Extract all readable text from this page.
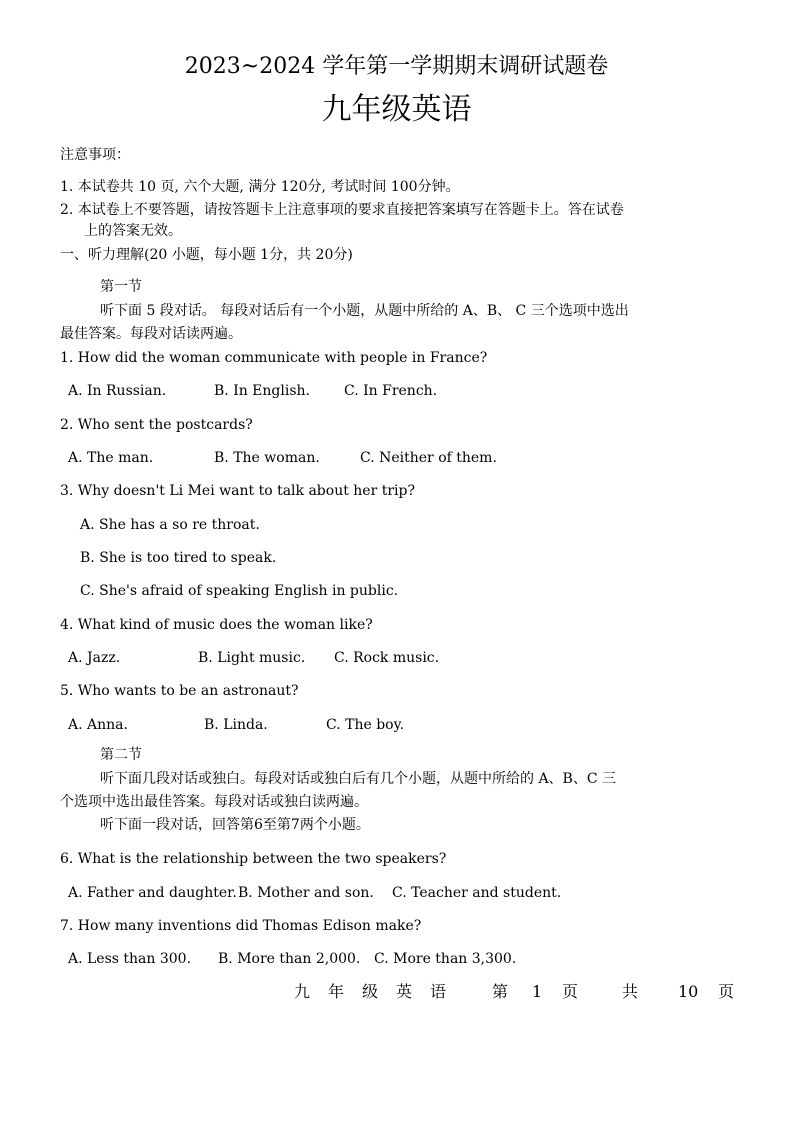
2023~2024 学年第一学期期末调研试题卷
九年级英语
注意事项：
1. 本试卷共 10 页, 六个大题, 满分 120分, 考试时间 100分钟。
2. 本试卷上不要答题，请按答题卡上注意事项的要求直接把答案填写在答题卡上。答在试卷
上的答案无效。
一、听力理解(20 小题，每小题 1分，共 20分)
第一节
听下面 5 段对话。 每段对话后有一个小题，从题中所给的 A、B、 C 三个选项中选出
最佳答案。每段对话读两遍。
1. How did the woman communicate with people in France?
A. In Russian.	B. In English. C. In French.
2. Who sent the postcards?
A. The man.	B. The woman.	C. Neither of them.
3. Why doesn't Li Mei want to talk about her trip?
A. She has a so re throat.
B. She is too tired to speak.
C. She's afraid of speaking English in public.
4. What kind of music does the woman like?
A. Jazz.	B. Light music. C. Rock music.
5. Who wants to be an astronaut?
A. Anna.	B. Linda.	C. The boy.
第二节
听下面几段对话或独白。每段对话或独白后有几个小题，从题中所给的 A、B、C 三
个选项中选出最佳答案。每段对话或独白读两遍。
听下面一段对话，回答第6至第7两个小题。
6. What is the relationship between the two speakers?
A. Father and daughter. B. Mother and son. C. Teacher and student.
7. How many inventions did Thomas Edison make?
A. Less than 300. B. More than 2,000. C. More than 3,300.
九 年 级 英 语	第 1 页	共 10 页
